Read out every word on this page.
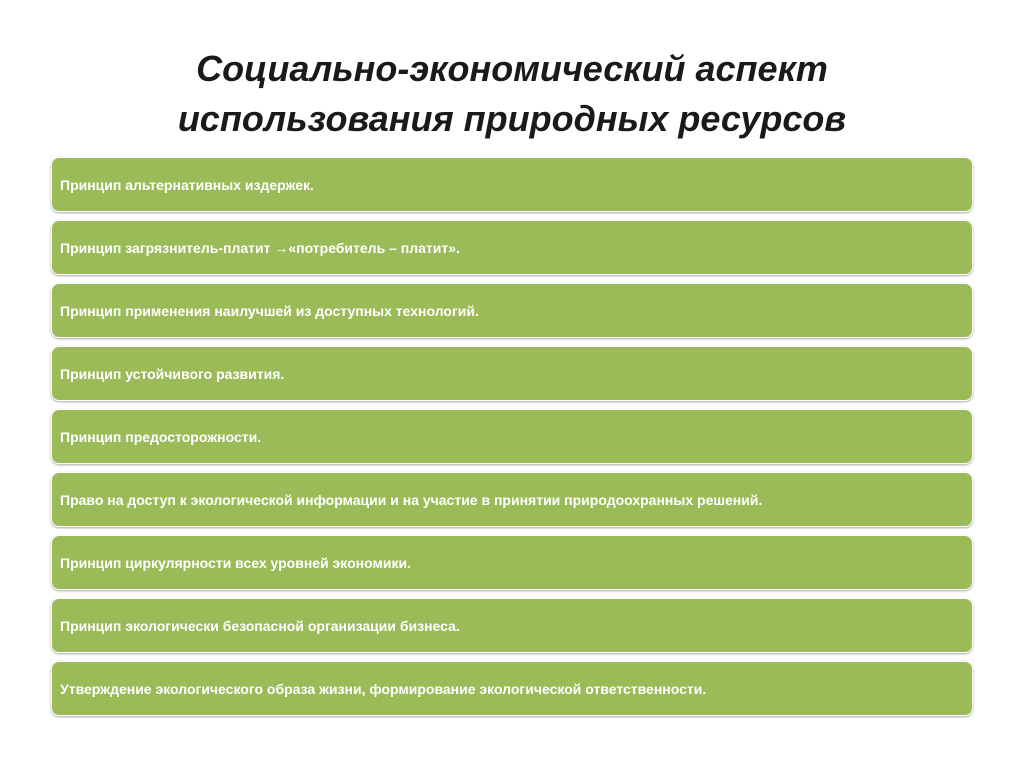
Социально-экономический аспект
использования природных ресурсов
Принцип альтернативных издержек.
Принцип загрязнитель-платит →«потребитель – платит».
Принцип применения наилучшей из доступных технологий.
Принцип устойчивого развития.
Принцип предосторожности.
Право на доступ к экологической информации и на участие в принятии природоохранных решений.
Принцип циркулярности всех уровней экономики.
Принцип экологически безопасной организации бизнеса.
Утверждение экологического образа жизни, формирование экологической ответственности.
